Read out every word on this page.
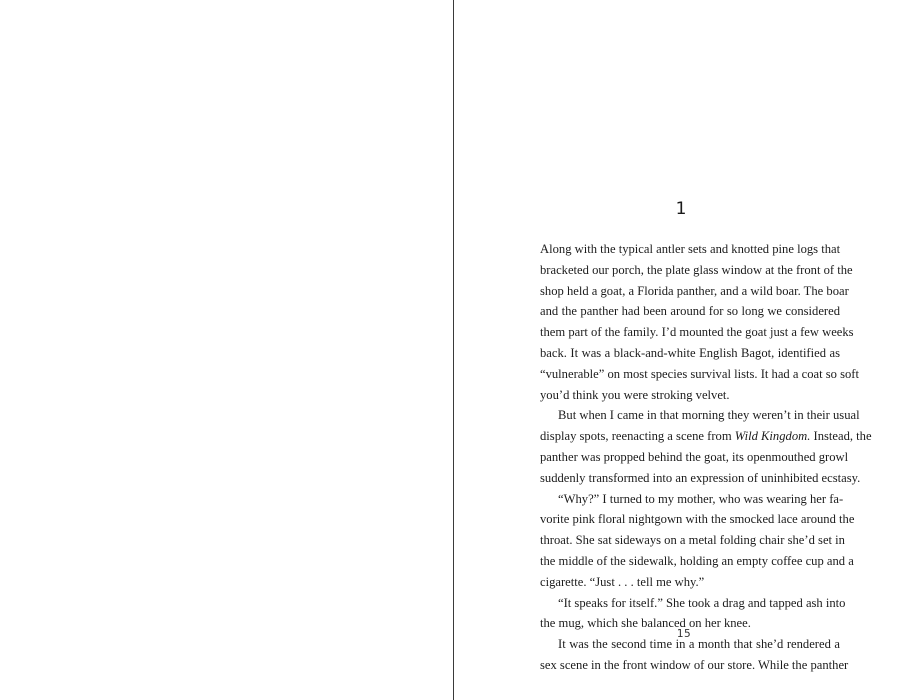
1

Along with the typical antler sets and knotted pine logs that
bracketed our porch, the plate glass window at the front of the
shop held a goat, a Florida panther, and a wild boar. The boar
and the panther had been around for so long we considered
them part of the family. I’d mounted the goat just a few weeks
back. It was a black-and-white English Bagot, identified as
“vulnerable” on most species survival lists. It had a coat so soft
you’d think you were stroking velvet.

But when I came in that morning they weren’t in their usual
display spots, reenacting a scene from Wild Kingdom. Instead, the
panther was propped behind the goat, its openmouthed growl
suddenly transformed into an expression of uninhibited ecstasy.

“Why?” I turned to my mother, who was wearing her fa-
vorite pink floral nightgown with the smocked lace around the
throat. She sat sideways on a metal folding chair she’d set in
the middle of the sidewalk, holding an empty coffee cup and a
cigarette. “Just . . . tell me why.”

“It speaks for itself.” She took a drag and tapped ash into
the mug, which she balanced on her knee.

It was the second time in a month that she’d rendered a
sex scene in the front window of our store. While the panther

15
